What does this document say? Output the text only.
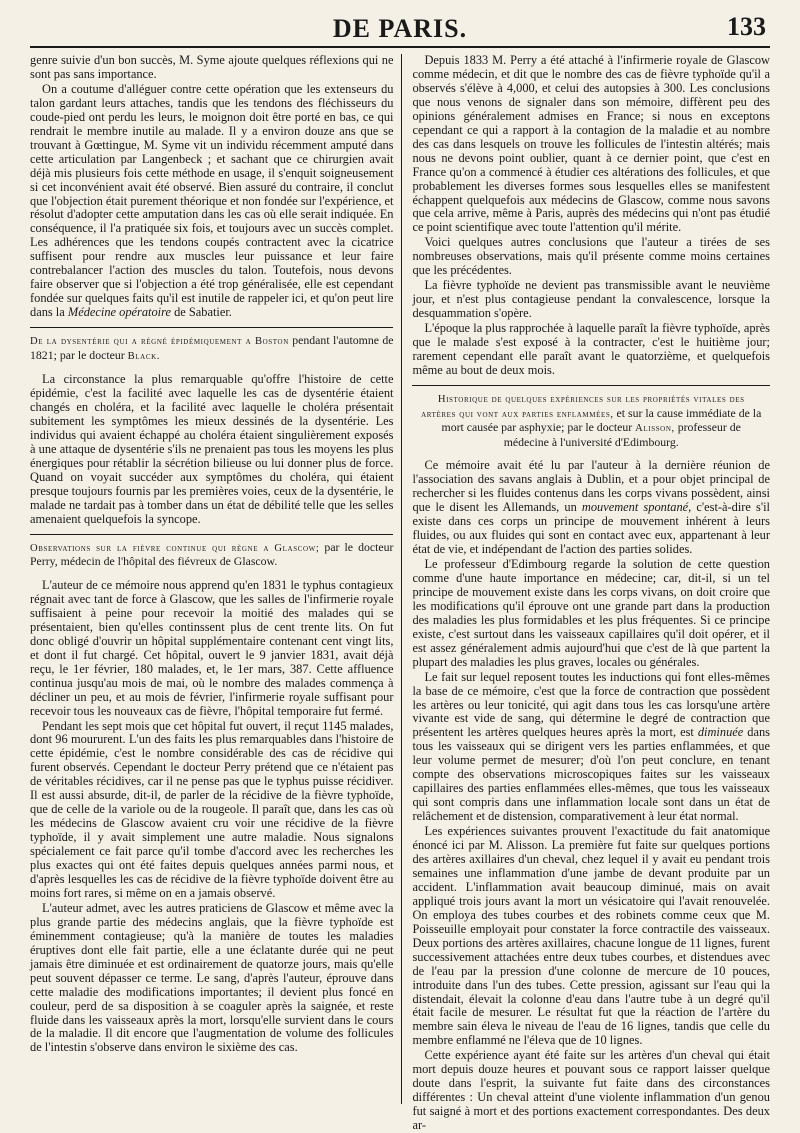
DE PARIS.	133

genre suivie d'un bon succès, M. Syme ajoute quelques réflexions qui ne sont pas sans importance.

On a coutume d'alléguer contre cette opération que les extenseurs du talon gardant leurs attaches, tandis que les tendons des fléchisseurs du coude-pied ont perdu les leurs, le moignon doit être porté en bas, ce qui rendrait le membre inutile au malade. Il y a environ douze ans que se trouvant à Gœttingue, M. Syme vit un individu récemment amputé dans cette articulation par Langenbeck ; et sachant que ce chirurgien avait déjà mis plusieurs fois cette méthode en usage, il s'enquit soigneusement si cet inconvénient avait été observé. Bien assuré du contraire, il conclut que l'objection était purement théorique et non fondée sur l'expérience, et résolut d'adopter cette amputation dans les cas où elle serait indiquée. En conséquence, il l'a pratiquée six fois, et toujours avec un succès complet. Les adhérences que les tendons coupés contractent avec la cicatrice suffisent pour rendre aux muscles leur puissance et leur faire contrebalancer l'action des muscles du talon. Toutefois, nous devons faire observer que si l'objection a été trop généralisée, elle est cependant fondée sur quelques faits qu'il est inutile de rappeler ici, et qu'on peut lire dans la Médecine opératoire de Sabatier.

De la dysentérie qui a régné épidémiquement a Boston pendant l'automne de 1821; par le docteur Black.

La circonstance la plus remarquable qu'offre l'histoire de cette épidémie, c'est la facilité avec laquelle les cas de dysentérie étaient changés en choléra, et la facilité avec laquelle le choléra présentait subitement les symptômes les mieux dessinés de la dysentérie. Les individus qui avaient échappé au choléra étaient singulièrement exposés à une attaque de dysentérie s'ils ne prenaient pas tous les moyens les plus énergiques pour rétablir la sécrétion bilieuse ou lui donner plus de force. Quand on voyait succéder aux symptômes du choléra, qui étaient presque toujours fournis par les premières voies, ceux de la dysentérie, le malade ne tardait pas à tomber dans un état de débilité telle que les selles amenaient quelquefois la syncope.

Observations sur la fièvre continue qui règne a Glascow; par le docteur Perry, médecin de l'hôpital des fiévreux de Glascow.

L'auteur de ce mémoire nous apprend qu'en 1831 le typhus contagieux régnait avec tant de force à Glascow, que les salles de l'infirmerie royale suffisaient à peine pour recevoir la moitié des malades qui se présentaient, bien qu'elles continssent plus de cent trente lits. On fut donc obligé d'ouvrir un hôpital supplémentaire contenant cent vingt lits, et dont il fut chargé. Cet hôpital, ouvert le 9 janvier 1831, avait déjà reçu, le 1er février, 180 malades, et, le 1er mars, 387. Cette affluence continua jusqu'au mois de mai, où le nombre des malades commença à décliner un peu, et au mois de février, l'infirmerie royale suffisant pour recevoir tous les nouveaux cas de fièvre, l'hôpital temporaire fut fermé.

Pendant les sept mois que cet hôpital fut ouvert, il reçut 1145 malades, dont 96 moururent. L'un des faits les plus remarquables dans l'histoire de cette épidémie, c'est le nombre considérable des cas de récidive qui furent observés. Cependant le docteur Perry prétend que ce n'étaient pas de véritables récidives, car il ne pense pas que le typhus puisse récidiver. Il est aussi absurde, dit-il, de parler de la récidive de la fièvre typhoïde, que de celle de la variole ou de la rougeole. Il paraît que, dans les cas où les médecins de Glascow avaient cru voir une récidive de la fièvre typhoïde, il y avait simplement une autre maladie. Nous signalons spécialement ce fait parce qu'il tombe d'accord avec les recherches les plus exactes qui ont été faites depuis quelques années parmi nous, et d'après lesquelles les cas de récidive de la fièvre typhoïde doivent être au moins fort rares, si même on en a jamais observé.

L'auteur admet, avec les autres praticiens de Glascow et même avec la plus grande partie des médecins anglais, que la fièvre typhoïde est éminemment contagieuse; qu'à la manière de toutes les maladies éruptives dont elle fait partie, elle a une éclatante durée qui ne peut jamais être diminuée et est ordinairement de quatorze jours, mais qu'elle peut souvent dépasser ce terme. Le sang, d'après l'auteur, éprouve dans cette maladie des modifications importantes; il devient plus foncé en couleur, perd de sa disposition à se coaguler après la saignée, et reste fluide dans les vaisseaux après la mort, lorsqu'elle survient dans le cours de la maladie. Il dit encore que l'augmentation de volume des follicules de l'intestin s'observe dans environ le sixième des cas.

Depuis 1833 M. Perry a été attaché à l'infirmerie royale de Glascow comme médecin, et dit que le nombre des cas de fièvre typhoïde qu'il a observés s'élève à 4,000, et celui des autopsies à 300. Les conclusions que nous venons de signaler dans son mémoire, diffèrent peu des opinions généralement admises en France; si nous en exceptons cependant ce qui a rapport à la contagion de la maladie et au nombre des cas dans lesquels on trouve les follicules de l'intestin altérés; mais nous ne devons point oublier, quant à ce dernier point, que c'est en France qu'on a commencé à étudier ces altérations des follicules, et que probablement les diverses formes sous lesquelles elles se manifestent échappent quelquefois aux médecins de Glascow, comme nous savons que cela arrive, même à Paris, auprès des médecins qui n'ont pas étudié ce point scientifique avec toute l'attention qu'il mérite.

Voici quelques autres conclusions que l'auteur a tirées de ses nombreuses observations, mais qu'il présente comme moins certaines que les précédentes.

La fièvre typhoïde ne devient pas transmissible avant le neuvième jour, et n'est plus contagieuse pendant la convalescence, lorsque la desquammation s'opère.

L'époque la plus rapprochée à laquelle paraît la fièvre typhoïde, après que le malade s'est exposé à la contracter, c'est le huitième jour; rarement cependant elle paraît avant le quatorzième, et quelquefois même au bout de deux mois.

Historique de quelques expériences sur les propriétés vitales des artères qui vont aux parties enflammées, et sur la cause immédiate de la mort causée par asphyxie; par le docteur Alisson, professeur de médecine à l'université d'Edimbourg.

Ce mémoire avait été lu par l'auteur à la dernière réunion de l'association des savans anglais à Dublin, et a pour objet principal de rechercher si les fluides contenus dans les corps vivans possèdent, ainsi que le disent les Allemands, un mouvement spontané, c'est-à-dire s'il existe dans ces corps un principe de mouvement inhérent à leurs fluides, ou aux fluides qui sont en contact avec eux, appartenant à leur état de vie, et indépendant de l'action des parties solides.

Le professeur d'Edimbourg regarde la solution de cette question comme d'une haute importance en médecine; car, dit-il, si un tel principe de mouvement existe dans les corps vivans, on doit croire que les modifications qu'il éprouve ont une grande part dans la production des maladies les plus formidables et les plus fréquentes. Si ce principe existe, c'est surtout dans les vaisseaux capillaires qu'il doit opérer, et il est assez généralement admis aujourd'hui que c'est de là que partent la plupart des maladies les plus graves, locales ou générales.

Le fait sur lequel reposent toutes les inductions qui font elles-mêmes la base de ce mémoire, c'est que la force de contraction que possèdent les artères ou leur tonicité, qui agit dans tous les cas lorsqu'une artère vivante est vide de sang, qui détermine le degré de contraction que présentent les artères quelques heures après la mort, est diminuée dans tous les vaisseaux qui se dirigent vers les parties enflammées, et que leur volume permet de mesurer; d'où l'on peut conclure, en tenant compte des observations microscopiques faites sur les vaisseaux capillaires des parties enflammées elles-mêmes, que tous les vaisseaux qui sont compris dans une inflammation locale sont dans un état de relâchement et de distension, comparativement à leur état normal.

Les expériences suivantes prouvent l'exactitude du fait anatomique énoncé ici par M. Alisson. La première fut faite sur quelques portions des artères axillaires d'un cheval, chez lequel il y avait eu pendant trois semaines une inflammation d'une jambe de devant produite par un accident. L'inflammation avait beaucoup diminué, mais on avait appliqué trois jours avant la mort un vésicatoire qui l'avait renouvelée. On employa des tubes courbes et des robinets comme ceux que M. Poisseuille employait pour constater la force contractile des vaisseaux. Deux portions des artères axillaires, chacune longue de 11 lignes, furent successivement attachées entre deux tubes courbes, et distendues avec de l'eau par la pression d'une colonne de mercure de 10 pouces, introduite dans l'un des tubes. Cette pression, agissant sur l'eau qui la distendait, élevait la colonne d'eau dans l'autre tube à un degré qu'il était facile de mesurer. Le résultat fut que la réaction de l'artère du membre sain éleva le niveau de l'eau de 16 lignes, tandis que celle du membre enflammé ne l'éleva que de 10 lignes.

Cette expérience ayant été faite sur les artères d'un cheval qui était mort depuis douze heures et pouvant sous ce rapport laisser quelque doute dans l'esprit, la suivante fut faite dans des circonstances différentes : Un cheval atteint d'une violente inflammation d'un genou fut saigné à mort et des portions exactement correspondantes. Des deux ar-
